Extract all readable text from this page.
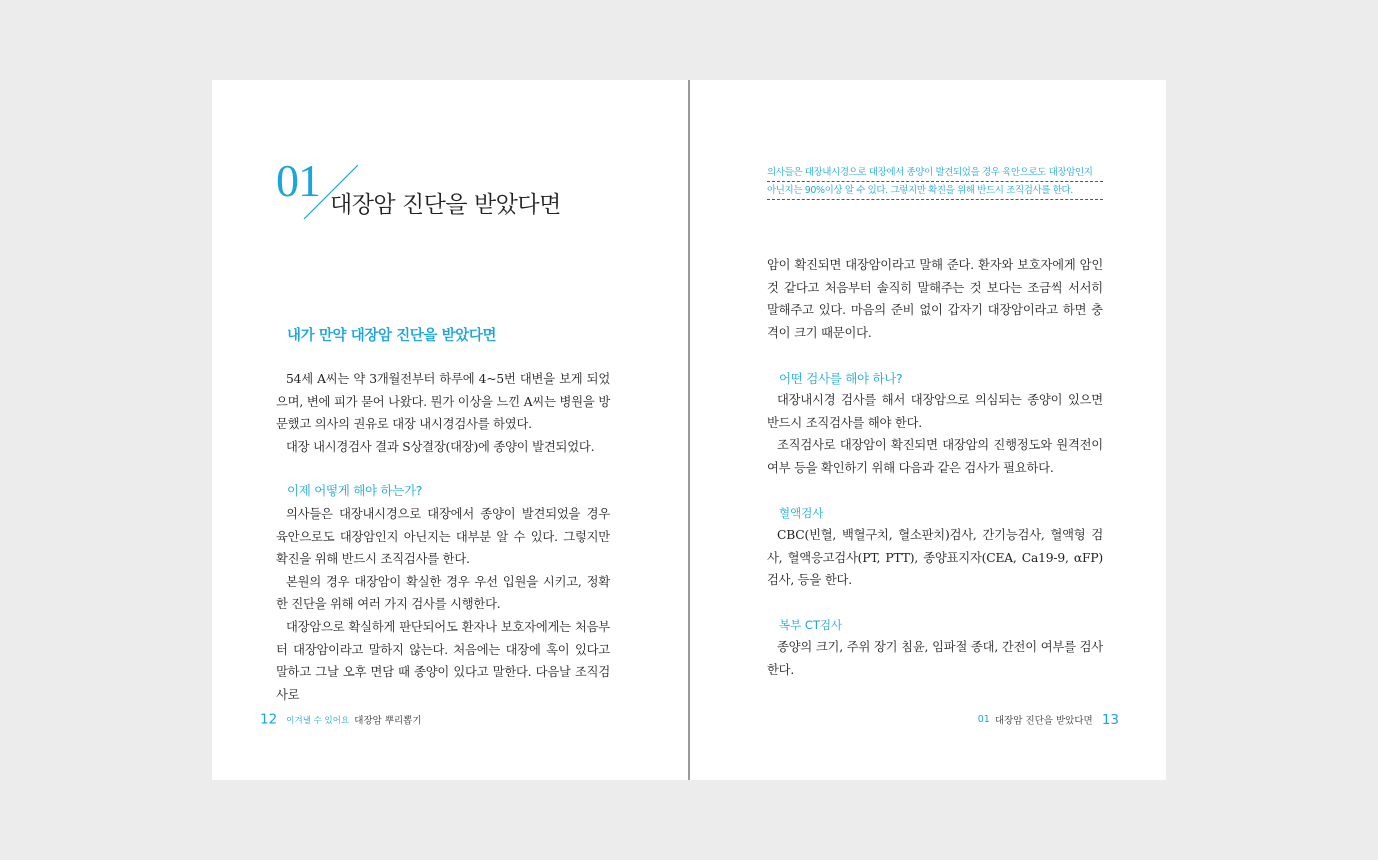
01 대장암 진단을 받았다면
내가 만약 대장암 진단을 받았다면

54세 A씨는 약 3개월전부터 하루에 4~5번 대변을 보게 되었으며, 변에 피가 묻어 나왔다. 뭔가 이상을 느낀 A씨는 병원을 방문했고 의사의 권유로 대장 내시경검사를 하였다.

대장 내시경검사 결과 S상결장(대장)에 종양이 발견되었다.

이제 어떻게 해야 하는가?

의사들은 대장내시경으로 대장에서 종양이 발견되었을 경우 육안으로도 대장암인지 아닌지는 대부분 알 수 있다. 그렇지만 확진을 위해 반드시 조직검사를 한다.

본원의 경우 대장암이 확실한 경우 우선 입원을 시키고, 정확한 진단을 위해 여러 가지 검사를 시행한다.

대장암으로 확실하게 판단되어도 환자나 보호자에게는 처음부터 대장암이라고 말하지 않는다. 처음에는 대장에 혹이 있다고 말하고 그날 오후 면담 때 종양이 있다고 말한다. 다음날 조직검사로

12 이겨낼 수 있어요 대장암 뿌리뽑기
의사들은 대장내시경으로 대장에서 종양이 발견되었을 경우 육안으로도 대장암인지
아닌지는 90%이상 알 수 있다. 그렇지만 확진을 위해 반드시 조직검사를 한다.

암이 확진되면 대장암이라고 말해 준다. 환자와 보호자에게 암인 것 같다고 처음부터 솔직히 말해주는 것 보다는 조금씩 서서히 말해주고 있다. 마음의 준비 없이 갑자기 대장암이라고 하면 충격이 크기 때문이다.

어떤 검사를 해야 하나?

대장내시경 검사를 해서 대장암으로 의심되는 종양이 있으면 반드시 조직검사를 해야 한다.

조직검사로 대장암이 확진되면 대장암의 진행정도와 원격전이 여부 등을 확인하기 위해 다음과 같은 검사가 필요하다.

혈액검사

CBC(빈혈, 백혈구치, 혈소판치)검사, 간기능검사, 혈액형 검사, 혈액응고검사(PT, PTT), 종양표지자(CEA, Ca19-9, αFP)검사, 등을 한다.

복부 CT검사

종양의 크기, 주위 장기 침윤, 임파절 종대, 간전이 여부를 검사한다.

01 대장암 진단을 받았다면 13
